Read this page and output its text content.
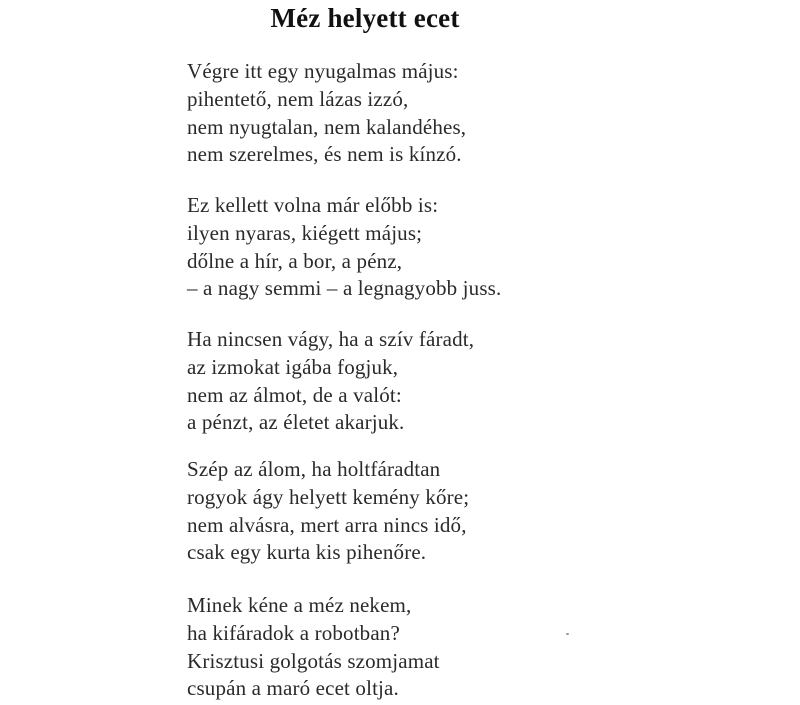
Méz helyett ecet
Végre itt egy nyugalmas május:
pihentető, nem lázas izzó,
nem nyugtalan, nem kalandéhes,
nem szerelmes, és nem is kínzó.
Ez kellett volna már előbb is:
ilyen nyaras, kiégett május;
dőlne a hír, a bor, a pénz,
– a nagy semmi – a legnagyobb juss.
Ha nincsen vágy, ha a szív fáradt,
az izmokat igába fogjuk,
nem az álmot, de a valót:
a pénzt, az életet akarjuk.
Szép az álom, ha holtfáradtan
rogyok ágy helyett kemény kőre;
nem alvásra, mert arra nincs idő,
csak egy kurta kis pihenőre.
Minek kéne a méz nekem,
ha kifáradok a robotban?
Krisztusi golgotás szomjamat
csupán a maró ecet oltja.
